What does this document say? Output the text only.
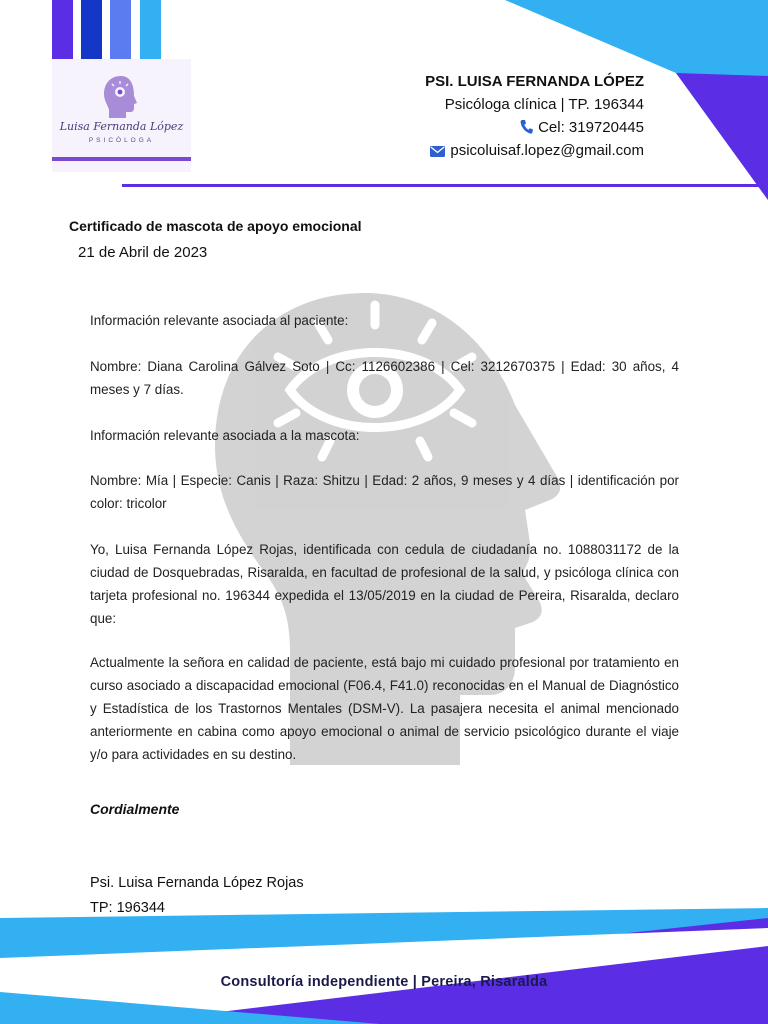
Luisa Fernanda López
PSICÓLOGA
PSI. LUISA FERNANDA LÓPEZ
Psicóloga clínica | TP. 196344
Cel: 319720445
psicoluisaf.lopez@gmail.com
Certificado de mascota de apoyo emocional
21 de Abril de 2023
Información relevante asociada al paciente:
Nombre: Diana Carolina Gálvez Soto | Cc: 1126602386 | Cel: 3212670375 | Edad: 30 años, 4 meses y 7 días.
Información relevante asociada a la mascota:
Nombre: Mía | Especie: Canis | Raza: Shitzu | Edad: 2 años, 9 meses y 4 días | identificación por color: tricolor
Yo, Luisa Fernanda López Rojas, identificada con cedula de ciudadanía no. 1088031172 de la ciudad de Dosquebradas, Risaralda, en facultad de profesional de la salud, y psicóloga clínica con tarjeta profesional no. 196344 expedida el 13/05/2019 en la ciudad de Pereira, Risaralda, declaro que:
Actualmente la señora en calidad de paciente, está bajo mi cuidado profesional por tratamiento en curso asociado a discapacidad emocional (F06.4, F41.0) reconocidas en el Manual de Diagnóstico y Estadística de los Trastornos Mentales (DSM-V). La pasajera necesita el animal mencionado anteriormente en cabina como apoyo emocional o animal de servicio psicológico durante el viaje y/o para actividades en su destino.
Cordialmente
Psi. Luisa Fernanda López Rojas
TP: 196344
Consultoría independiente | Pereira, Risaralda
